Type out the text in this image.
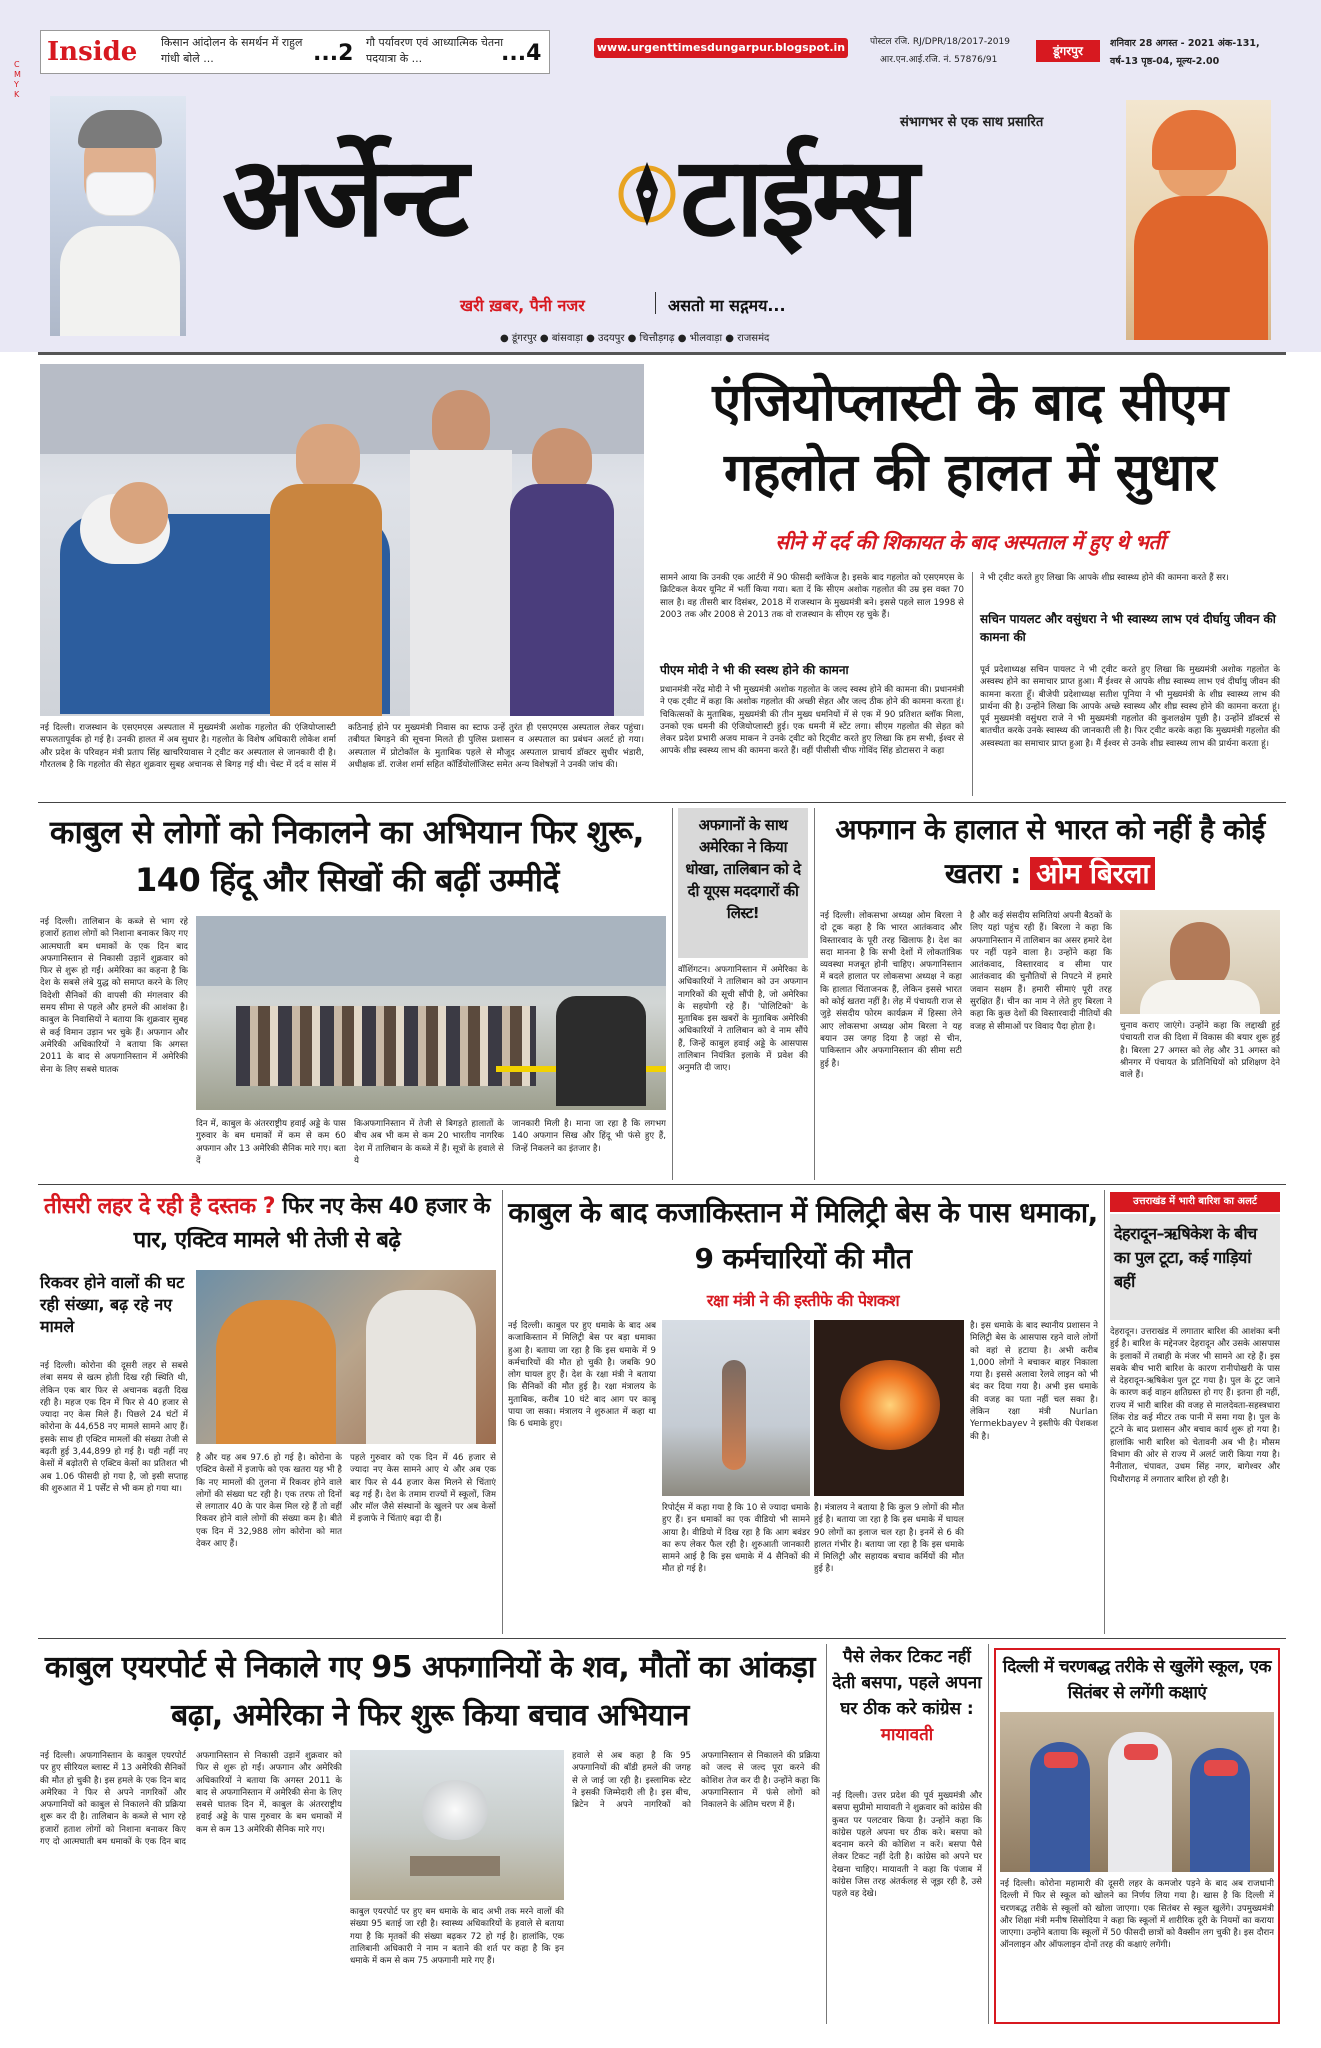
Inside किसान आंदोलन के समर्थन में राहुल गांधी बोले ...	...2 गौ पर्यावरण एवं आध्यात्मिक चेतना पदयात्रा के ...	...4	www.urgenttimesdungarpur.blogspot.in	पोस्टल रजि. RJ/DPR/18/2017-2019
आर.एन.आई.रजि. नं. 57876/91
डूंगरपुर
शनिवार 28 अगस्त - 2021 अंक-131,
वर्ष-13 पृष्ठ-04, मूल्य-2.00
C M Y K
संभागभर से एक साथ प्रसारित
अर्जेन्ट टाईम्स
खरी ख़बर, पैनी नजर	असतो मा सद्गमय...
● डूंगरपुर ● बांसवाड़ा ● उदयपुर ● चित्तौड़गढ़ ● भीलवाड़ा ● राजसमंद
एंजियोप्लास्टी के बाद सीएम
गहलोत की हालत में सुधार
सीने में दर्द की शिकायत के बाद अस्पताल में हुए थे भर्ती
सामने आया कि उनकी एक आर्टरी में 90 फीसदी ब्लॉकेज है। इसके बाद गहलोत को एसएमएस के क्रिटिकल केयर यूनिट में भर्ती किया गया। बता दें कि सीएम अशोक गहलोत की उम्र इस वक्त 70 साल है। वह तीसरी बार दिसंबर, 2018 में राजस्थान के मुख्यमंत्री बने। इससे पहले साल 1998 से 2003 तक और 2008 से 2013 तक वो राजस्थान के सीएम रह चुके हैं।
पीएम मोदी ने भी की स्वस्थ होने की कामना
प्रधानमंत्री नरेंद्र मोदी ने भी मुख्यमंत्री अशोक गहलोत के जल्द स्वस्थ होने की कामना की। प्रधानमंत्री ने एक ट्वीट में कहा कि अशोक गहलोत की अच्छी सेहत और जल्द ठीक होने की कामना करता हूं। चिकित्सकों के मुताबिक, मुख्यमंत्री की तीन मुख्य धमनियों में से एक में 90 प्रतिशत ब्लॉक मिला, उनको एक धमनी की एंजियोप्लास्टी हुई। एक धमनी में स्टेंट लगा। सीएम गहलोत की सेहत को लेकर प्रदेश प्रभारी अजय माकन ने उनके ट्वीट को रिट्वीट करते हुए लिखा कि हम सभी, ईश्वर से आपके शीघ्र स्वस्थ्य लाभ की कामना करते हैं। वहीं पीसीसी चीफ गोविंद सिंह डोटासरा ने कहा
ने भी ट्वीट करते हुए लिखा कि आपके शीघ्र स्वास्थ्य होने की कामना करते हैं सर।
सचिन पायलट और वसुंधरा ने भी स्वास्थ्य लाभ एवं दीर्घायु जीवन की कामना की
पूर्व प्रदेशाध्यक्ष सचिन पायलट ने भी ट्वीट करते हुए लिखा कि मुख्यमंत्री अशोक गहलोत के अस्वस्थ होने का समाचार प्राप्त हुआ। मैं ईश्वर से आपके शीघ्र स्वास्थ्य लाभ एवं दीर्घायु जीवन की कामना करता हूँ। बीजेपी प्रदेशाध्यक्ष सतीश पूनिया ने भी मुख्यमंत्री के शीघ्र स्वास्थ्य लाभ की प्रार्थना की है। उन्होंने लिखा कि आपके अच्छे स्वास्थ्य और शीघ्र स्वस्थ होने की कामना करता हूं। पूर्व मुख्यमंत्री वसुंधरा राजे ने भी मुख्यमंत्री गहलोत की कुशलक्षेम पूछी है। उन्होंने डॉक्टर्स से बातचीत करके उनके स्वास्थ्य की जानकारी ली है। फिर ट्वीट करके कहा कि मुख्यमंत्री गहलोत की अस्वस्थता का समाचार प्राप्त हुआ है। मैं ईश्वर से उनके शीघ्र स्वास्थ्य लाभ की प्रार्थना करता हूं।
नई दिल्ली। राजस्थान के एसएमएस अस्पताल में मुख्यमंत्री अशोक गहलोत की एंजियोप्लास्टी सफलतापूर्वक हो गई है। उनकी हालत में अब सुधार है। गहलोत के विशेष अधिकारी लोकेश शर्मा और प्रदेश के परिवहन मंत्री प्रताप सिंह खाचरियावास ने ट्वीट कर अस्पताल से जानकारी दी है। गौरतलब है कि गहलोत की सेहत शुक्रवार सुबह अचानक से बिगड़ गई थी। चेस्ट में दर्द व सांस में कठिनाई होने पर मुख्यमंत्री निवास का स्टाफ उन्हें तुरंत ही एसएमएस अस्पताल लेकर पहुंचा। तबीयत बिगड़ने की सूचना मिलते ही पुलिस प्रशासन व अस्पताल का प्रबंधन अलर्ट हो गया। अस्पताल में प्रोटोकॉल के मुताबिक पहले से मौजूद अस्पताल प्राचार्य डॉक्टर सुधीर भंडारी, अधीक्षक डॉ. राजेश शर्मा सहित कॉर्डियोलॉजिस्ट समेत अन्य विशेषज्ञों ने उनकी जांच की।
काबुल से लोगों को निकालने का अभियान फिर शुरू, 140 हिंदू और सिखों की बढ़ीं उम्मीदें
नई दिल्ली। तालिबान के कब्जे से भाग रहे हजारों हताश लोगों को निशाना बनाकर किए गए आत्मघाती बम धमाकों के एक दिन बाद अफगानिस्तान से निकासी उड़ानें शुक्रवार को फिर से शुरू हो गईं। अमेरिका का कहना है कि देश के सबसे लंबे युद्ध को समाप्त करने के लिए विदेशी सैनिकों की वापसी की मंगलवार की समय सीमा से पहले और हमले की आशंका है। काबुल के निवासियों ने बताया कि शुक्रवार सुबह से कई विमान उड़ान भर चुके हैं। अफगान और अमेरिकी अधिकारियों ने बताया कि अगस्त 2011 के बाद से अफगानिस्तान में अमेरिकी सेना के लिए सबसे घातक
दिन में, काबुल के अंतरराष्ट्रीय हवाई अड्डे के पास गुरुवार के बम धमाकों में कम से कम 60 अफगान और 13 अमेरिकी सैनिक मारे गए। बता दें
किअफगानिस्तान में तेजी से बिगड़ते हालातों के बीच अब भी कम से कम 20 भारतीय नागरिक देश में तालिबान के कब्जे में हैं। सूत्रों के हवाले से ये
जानकारी मिली है। माना जा रहा है कि लगभग 140 अफगान सिख और हिंदू भी फंसे हुए हैं, जिन्हें निकलने का इंतजार है।
अफगानों के साथ अमेरिका ने किया धोखा, तालिबान को दे दी यूएस मददगारों की लिस्ट!
वॉशिंगटन। अफगानिस्तान में अमेरिका के अधिकारियों ने तालिबान को उन अफगान नागरिकों की सूची सौंपी है, जो अमेरिका के सहयोगी रहे हैं। 'पोलिटिको' के मुताबिक इस खबरों के मुताबिक अमेरिकी अधिकारियों ने तालिबान को वे नाम सौंपे हैं, जिन्हें काबुल हवाई अड्डे के आसपास तालिबान नियंत्रित इलाके में प्रवेश की अनुमति दी जाए।
अफगान के हालात से भारत को नहीं है कोई खतरा : ओम बिरला
नई दिल्ली। लोकसभा अध्यक्ष ओम बिरला ने दो टूक कहा है कि भारत आतंकवाद और विस्तारवाद के पूरी तरह खिलाफ है। देश का सदा मानना है कि सभी देशों में लोकतांत्रिक व्यवस्था मजबूत होनी चाहिए। अफगानिस्तान में बदले हालात पर लोकसभा अध्यक्ष ने कहा कि हालात चिंताजनक हैं, लेकिन इससे भारत को कोई खतरा नहीं है। लेह में पंचायती राज से जुड़े संसदीय फोरम कार्यक्रम में हिस्सा लेने आए लोकसभा अध्यक्ष ओम बिरला ने यह बयान उस जगह दिया है जहां से चीन, पाकिस्तान और अफगानिस्तान की सीमा सटी हुई है।
है और कई संसदीय समितियां अपनी बैठकों के लिए यहां पहुंच रही हैं। बिरला ने कहा कि अफगानिस्तान में तालिबान का असर हमारे देश पर नहीं पड़ने वाला है। उन्होंने कहा कि आतंकवाद, विस्तारवाद व सीमा पार आतंकवाद की चुनौतियों से निपटने में हमारे जवान सक्षम हैं। हमारी सीमाएं पूरी तरह सुरक्षित हैं। चीन का नाम ने लेते हुए बिरला ने कहा कि कुछ देशों की विस्तारवादी नीतियों की वजह से सीमाओं पर विवाद पैदा होता है।	चुनाव कराए जाएंगे। उन्होंने कहा कि लद्दाखी हुई पंचायती राज की दिशा में विकास की बयार शुरू हुई है। बिरला 27 अगस्त को लेह और 31 अगस्त को श्रीनगर में पंचायत के प्रतिनिधियों को प्रशिक्षण देने वाले हैं।
तीसरी लहर दे रही है दस्तक ? फिर नए केस 40 हजार के पार, एक्टिव मामले भी तेजी से बढ़े
रिकवर होने वालों की घट रही संख्या, बढ़ रहे नए मामले
नई दिल्ली। कोरोना की दूसरी लहर से सबसे लंबा समय से खत्म होती दिख रही स्थिति थी, लेकिन एक बार फिर से अचानक बढ़ती दिख रही है। महज एक दिन में फिर से 40 हजार से ज्यादा नए केस मिले हैं। पिछले 24 घंटों में कोरोना के 44,658 नए मामले सामने आए हैं। इसके साथ ही एक्टिव मामलों की संख्या तेजी से बढ़ती हुई 3,44,899 हो गई है। यही नहीं नए केसों में बढ़ोतरी से एक्टिव केसों का प्रतिशत भी अब 1.06 फीसदी हो गया है, जो इसी सप्ताह की शुरुआत में 1 पर्सेंट से भी कम हो गया था।
है और यह अब 97.6 हो गई है। कोरोना के एक्टिव केसों में इजाफे को एक खतरा यह भी है कि नए मामलों की तुलना में रिकवर होने वाले लोगों की संख्या घट रही है। एक तरफ तो दिनों से लगातार 40 के पार केस मिल रहे हैं तो वहीं रिकवर होने वाले लोगों की संख्या कम है। बीते एक दिन में 32,988 लोग कोरोना को मात देकर आए हैं।
पहले गुरुवार को एक दिन में 46 हजार से ज्यादा नए केस सामने आए थे और अब एक बार फिर से 44 हजार केस मिलने से चिंताएं बढ़ गई हैं। देश के तमाम राज्यों में स्कूलों, जिम और मॉल जैसे संस्थानों के खुलने पर अब केसों में इजाफे ने चिंताएं बढ़ा दी हैं।
काबुल के बाद कजाकिस्तान में मिलिट्री बेस के पास धमाका, 9 कर्मचारियों की मौत
रक्षा मंत्री ने की इस्तीफे की पेशकश
नई दिल्ली। काबुल पर हुए धमाके के बाद अब कजाकिस्तान में मिलिट्री बेस पर बड़ा धमाका हुआ है। बताया जा रहा है कि इस धमाके में 9 कर्मचारियों की मौत हो चुकी है। जबकि 90 लोग घायल हुए हैं। देश के रक्षा मंत्री ने बताया कि सैनिकों की मौत हुई है। रक्षा मंत्रालय के मुताबिक, करीब 10 घंटे बाद आग पर काबू पाया जा सका। मंत्रालय ने शुरुआत में कहा था कि 6 धमाके हुए।
रिपोर्ट्स में कहा गया है कि 10 से ज्यादा धमाके हुए हैं। इन धमाकों का एक वीडियो भी सामने आया है। वीडियो में दिख रहा है कि आग बवंडर का रूप लेकर फैल रही है। शुरुआती जानकारी सामने आई है कि इस धमाके में 4 सैनिकों की मौत हो गई है।
है। मंत्रालय ने बताया है कि कुल 9 लोगों की मौत हुई है। बताया जा रहा है कि इस धमाके में घायल 90 लोगों का इलाज चल रहा है। इनमें से 6 की हालत गंभीर है। बताया जा रहा है कि इस धमाके में मिलिट्री और सहायक बचाव कर्मियों की मौत हुई है।
है। इस धमाके के बाद स्थानीय प्रशासन ने मिलिट्री बेस के आसपास रहने वाले लोगों को वहां से हटाया है। अभी करीब 1,000 लोगों ने बचाकर बाहर निकाला गया है। इससे अलावा रेलवे लाइन को भी बंद कर दिया गया है। अभी इस धमाके की वजह का पता नहीं चल सका है। लेकिन रक्षा मंत्री Nurlan Yermekbayev ने इस्तीफे की पेशकश की है।
उत्तराखंड में भारी बारिश का अलर्ट
देहरादून–ऋषिकेश के बीच का पुल टूटा, कई गाड़ियां बहीं
देहरादून। उत्तराखंड में लगातार बारिश की आशंका बनी हुई है। बारिश के मद्देनजर देहरादून और उसके आसपास के इलाकों में तबाही के मंजर भी सामने आ रहे हैं। इस सबके बीच भारी बारिश के कारण रानीपोखरी के पास से देहरादून-ऋषिकेश पुल टूट गया है। पुल के टूट जाने के कारण कई वाहन क्षतिग्रस्त हो गए हैं। इतना ही नहीं, राज्य में भारी बारिश की वजह से मालदेवता-सहस्त्रधारा लिंक रोड कई मीटर तक पानी में समा गया है। पुल के टूटने के बाद प्रशासन और बचाव कार्य शुरू हो गया है। हालांकि भारी बारिश को चेतावनी अब भी है। मौसम विभाग की ओर से राज्य में अलर्ट जारी किया गया है। नैनीताल, चंपावत, उधम सिंह नगर, बागेश्वर और पिथौरागढ़ में लगातार बारिश हो रही है।
काबुल एयरपोर्ट से निकाले गए 95 अफगानियों के शव, मौतों का आंकड़ा बढ़ा, अमेरिका ने फिर शुरू किया बचाव अभियान
नई दिल्ली। अफगानिस्तान के काबुल एयरपोर्ट पर हुए सीरियल ब्लास्ट में 13 अमेरिकी सैनिकों की मौत हो चुकी है। इस हमले के एक दिन बाद अमेरिका ने फिर से अपने नागरिकों और अफगानियों को काबुल से निकालने की प्रक्रिया शुरू कर दी है। तालिबान के कब्जे से भाग रहे हजारों हताश लोगों को निशाना बनाकर किए गए दो आत्मघाती बम धमाकों के एक दिन बाद अफगानिस्तान से निकासी उड़ानें शुक्रवार को फिर से शुरू हो गईं। अफगान और अमेरिकी अधिकारियों ने बताया कि अगस्त 2011 के बाद से अफगानिस्तान में अमेरिकी सेना के लिए सबसे घातक दिन में, काबुल के अंतरराष्ट्रीय हवाई अड्डे के पास गुरुवार के बम धमाकों में कम से कम 13 अमेरिकी सैनिक मारे गए।
काबुल एयरपोर्ट पर हुए बम धमाके के बाद अभी तक मरने वालों की संख्या 95 बताई जा रही है। स्वास्थ्य अधिकारियों के हवाले से बताया गया है कि मृतकों की संख्या बढ़कर 72 हो गई है। हालांकि, एक तालिबानी अधिकारी ने नाम न बताने की शर्त पर कहा है कि इन धमाके में कम से कम 75 अफगानी मारे गए हैं।
हवाले से अब कहा है कि 95 अफगानियों की बॉडी हमले की जगह से ले जाई जा रही है। इस्लामिक स्टेट ने इसकी जिम्मेदारी ली है। इस बीच, ब्रिटेन ने अपने नागरिकों को अफगानिस्तान से निकालने की प्रक्रिया को जल्द से जल्द पूरा करने की कोशिश तेज कर दी है। उन्होंने कहा कि अफगानिस्तान में फंसे लोगों को निकालने के अंतिम चरण में हैं।
पैसे लेकर टिकट नहीं देती बसपा, पहले अपना घर ठीक करे कांग्रेस : मायावती
नई दिल्ली। उत्तर प्रदेश की पूर्व मुख्यमंत्री और बसपा सुप्रीमो मायावती ने शुक्रवार को कांग्रेस की कुबत पर पलटवार किया है। उन्होंने कहा कि कांग्रेस पहले अपना घर ठीक करे। बसपा को बदनाम करने की कोशिश न करें। बसपा पैसे लेकर टिकट नहीं देती है। कांग्रेस को अपने घर देखना चाहिए। मायावती ने कहा कि पंजाब में कांग्रेस जिस तरह अंतर्कलह से जूझ रही है, उसे पहले वह देखे।
दिल्ली में चरणबद्ध तरीके से खुलेंगे स्कूल, एक सितंबर से लगेंगी कक्षाएं
नई दिल्ली। कोरोना महामारी की दूसरी लहर के कमजोर पड़ने के बाद अब राजधानी दिल्ली में फिर से स्कूल को खोलने का निर्णय लिया गया है। खास है कि दिल्ली में चरणबद्ध तरीके से स्कूलों को खोला जाएगा। एक सितंबर से स्कूल खुलेंगे। उपमुख्यमंत्री और शिक्षा मंत्री मनीष सिसोदिया ने कहा कि स्कूलों में शारीरिक दूरी के नियमों का कराया जाएगा। उन्होंने बताया कि स्कूलों में 50 फीसदी छात्रों को वैक्सीन लग चुकी है। इस दौरान ऑनलाइन और ऑफलाइन दोनों तरह की कक्षाएं लगेंगी।
